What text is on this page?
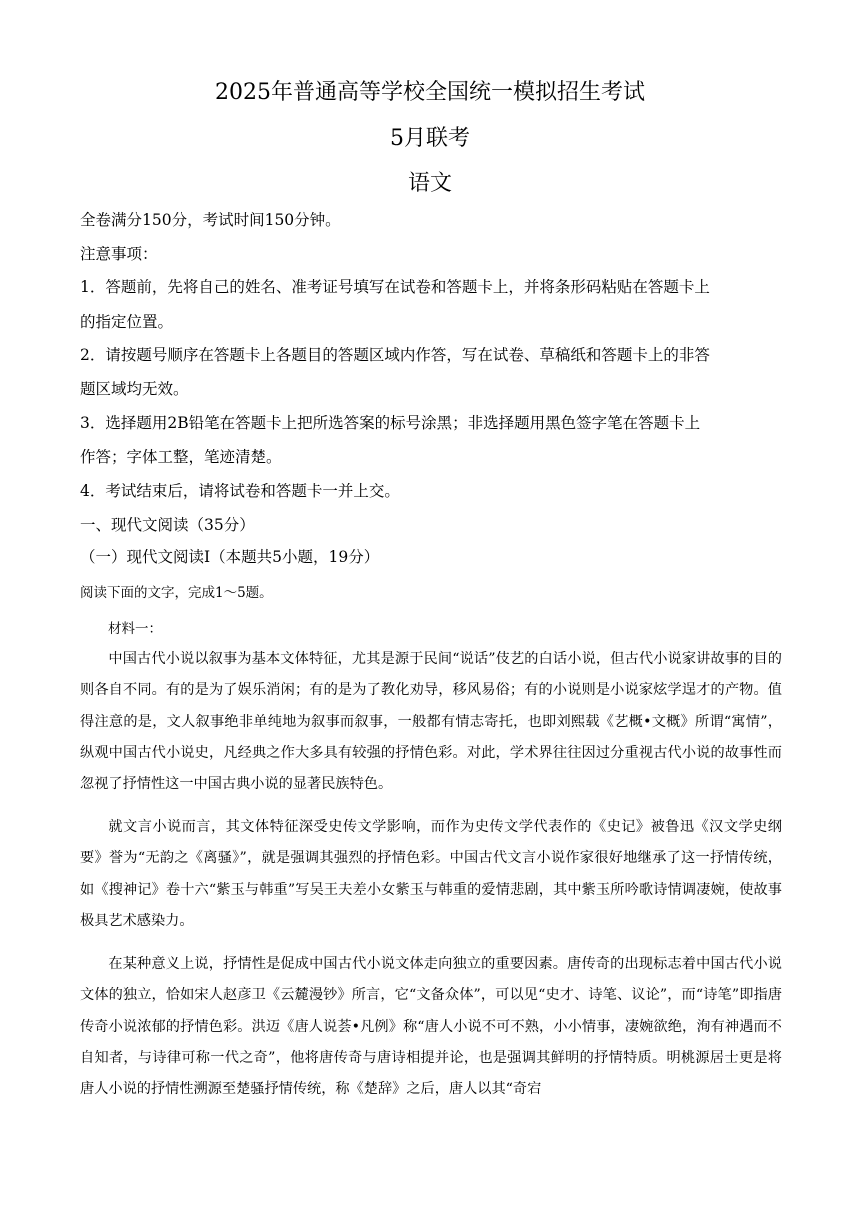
2025年普通高等学校全国统一模拟招生考试
5月联考
语文
全卷满分150分，考试时间150分钟。
注意事项：
1．答题前，先将自己的姓名、准考证号填写在试卷和答题卡上，并将条形码粘贴在答题卡上
的指定位置。
2．请按题号顺序在答题卡上各题目的答题区域内作答，写在试卷、草稿纸和答题卡上的非答
题区域均无效。
3．选择题用2B铅笔在答题卡上把所选答案的标号涂黑；非选择题用黑色签字笔在答题卡上
作答；字体工整，笔迹清楚。
4．考试结束后，请将试卷和答题卡一并上交。
一、现代文阅读（35分）
（一）现代文阅读Ⅰ（本题共5小题，19分）
阅读下面的文字，完成1～5题。
材料一：
中国古代小说以叙事为基本文体特征，尤其是源于民间“说话”伎艺的白话小说，但古代小说家讲故事的目的则各自不同。有的是为了娱乐消闲；有的是为了教化劝导，移风易俗；有的小说则是小说家炫学逞才的产物。值得注意的是，文人叙事绝非单纯地为叙事而叙事，一般都有情志寄托，也即刘熙载《艺概•文概》所谓“寓情”，纵观中国古代小说史，凡经典之作大多具有较强的抒情色彩。对此，学术界往往因过分重视古代小说的故事性而忽视了抒情性这一中国古典小说的显著民族特色。
就文言小说而言，其文体特征深受史传文学影响，而作为史传文学代表作的《史记》被鲁迅《汉文学史纲要》誉为“无韵之《离骚》”，就是强调其强烈的抒情色彩。中国古代文言小说作家很好地继承了这一抒情传统，如《搜神记》卷十六“紫玉与韩重”写吴王夫差小女紫玉与韩重的爱情悲剧，其中紫玉所吟歌诗情调凄婉，使故事极具艺术感染力。
在某种意义上说，抒情性是促成中国古代小说文体走向独立的重要因素。唐传奇的出现标志着中国古代小说文体的独立，恰如宋人赵彦卫《云麓漫钞》所言，它“文备众体”，可以见“史才、诗笔、议论”，而“诗笔”即指唐传奇小说浓郁的抒情色彩。洪迈《唐人说荟•凡例》称“唐人小说不可不熟，小小情事，凄婉欲绝，洵有神遇而不自知者，与诗律可称一代之奇”，他将唐传奇与唐诗相提并论，也是强调其鲜明的抒情特质。明桃源居士更是将唐人小说的抒情性溯源至楚骚抒情传统，称《楚辞》之后，唐人以其“奇宕
